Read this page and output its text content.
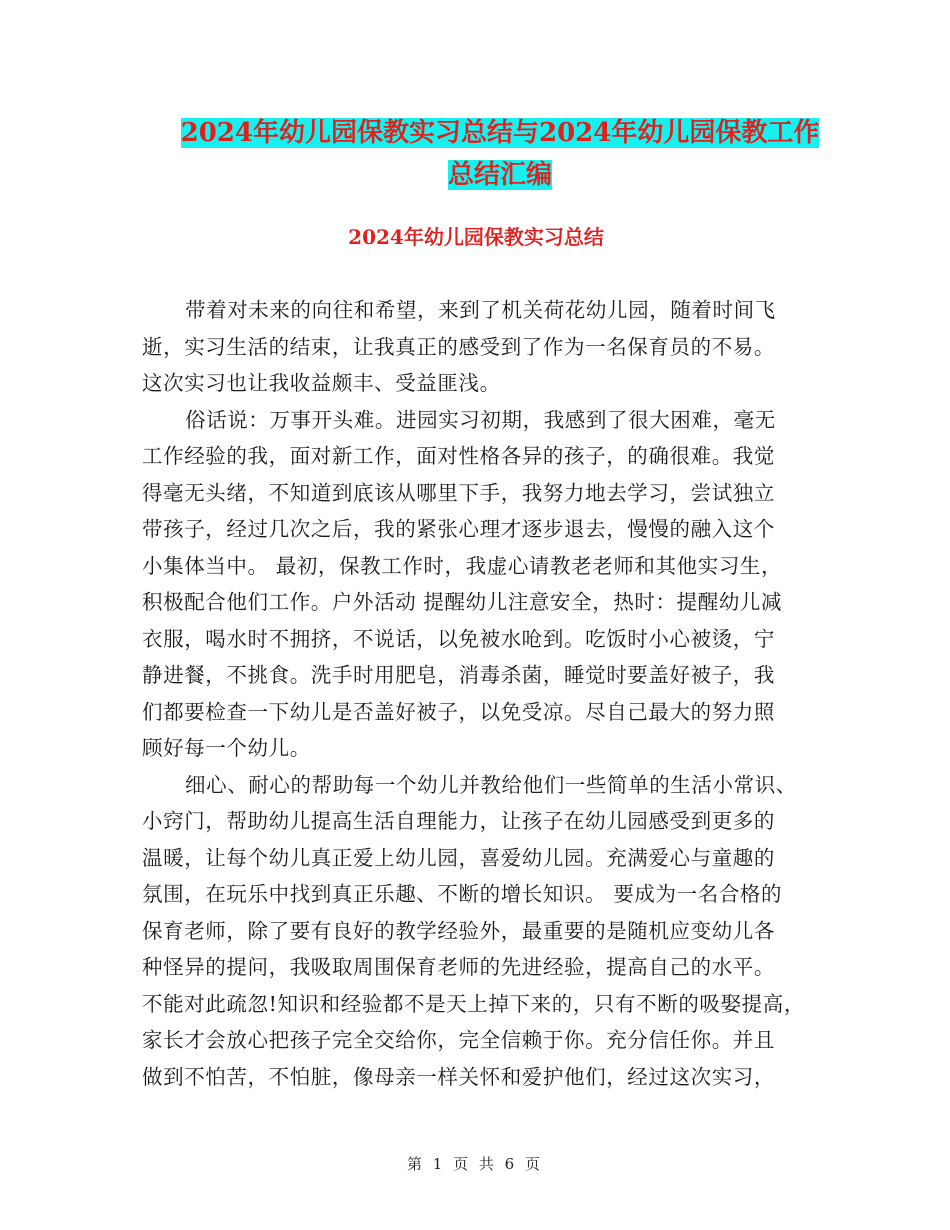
2024年幼儿园保教实习总结与2024年幼儿园保教工作
总结汇编
2024年幼儿园保教实习总结
带着对未来的向往和希望，来到了机关荷花幼儿园，随着时间飞
逝，实习生活的结束，让我真正的感受到了作为一名保育员的不易。
这次实习也让我收益颇丰、受益匪浅。
俗话说：万事开头难。进园实习初期，我感到了很大困难，毫无
工作经验的我，面对新工作，面对性格各异的孩子，的确很难。我觉
得毫无头绪，不知道到底该从哪里下手，我努力地去学习，尝试独立
带孩子，经过几次之后，我的紧张心理才逐步退去，慢慢的融入这个
小集体当中。 最初，保教工作时，我虚心请教老老师和其他实习生，
积极配合他们工作。户外活动 提醒幼儿注意安全，热时：提醒幼儿减
衣服，喝水时不拥挤，不说话，以免被水呛到。吃饭时小心被烫，宁
静进餐，不挑食。洗手时用肥皂，消毒杀菌，睡觉时要盖好被子，我
们都要检查一下幼儿是否盖好被子，以免受凉。尽自己最大的努力照
顾好每一个幼儿。
细心、耐心的帮助每一个幼儿并教给他们一些简单的生活小常识、
小窍门，帮助幼儿提高生活自理能力，让孩子在幼儿园感受到更多的
温暖，让每个幼儿真正爱上幼儿园，喜爱幼儿园。充满爱心与童趣的
氛围，在玩乐中找到真正乐趣、不断的增长知识。 要成为一名合格的
保育老师，除了要有良好的教学经验外，最重要的是随机应变幼儿各
种怪异的提问，我吸取周围保育老师的先进经验，提高自己的水平。
不能对此疏忽!知识和经验都不是天上掉下来的，只有不断的吸娶提高，
家长才会放心把孩子完全交给你，完全信赖于你。充分信任你。并且
做到不怕苦，不怕脏，像母亲一样关怀和爱护他们，经过这次实习，
第 1 页 共 6 页
